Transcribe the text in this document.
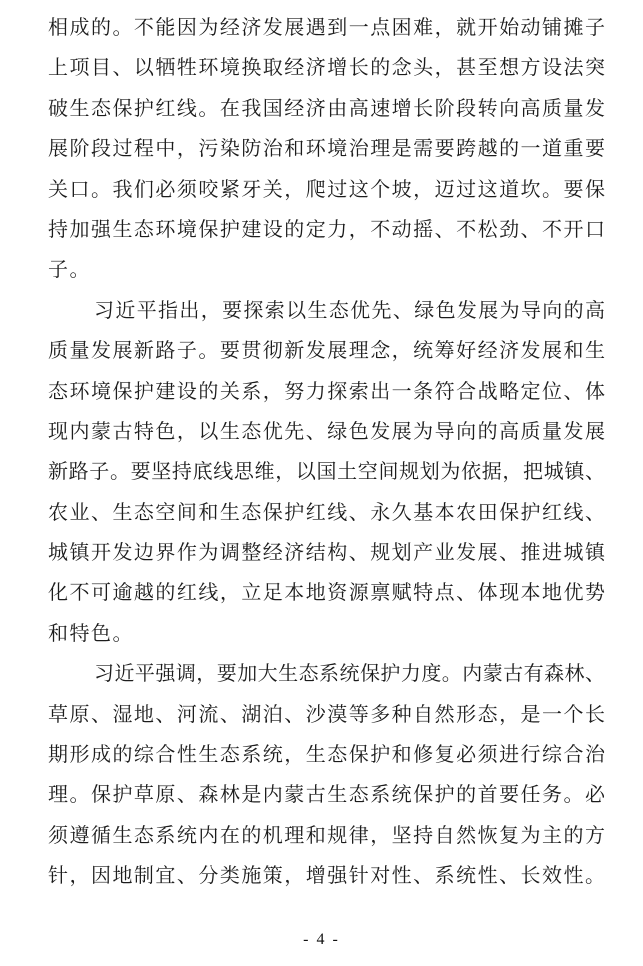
相成的。不能因为经济发展遇到一点困难，就开始动铺摊子
上项目、以牺牲环境换取经济增长的念头，甚至想方设法突
破生态保护红线。在我国经济由高速增长阶段转向高质量发
展阶段过程中，污染防治和环境治理是需要跨越的一道重要
关口。我们必须咬紧牙关，爬过这个坡，迈过这道坎。要保
持加强生态环境保护建设的定力，不动摇、不松劲、不开口
子。
习近平指出，要探索以生态优先、绿色发展为导向的高
质量发展新路子。要贯彻新发展理念，统筹好经济发展和生
态环境保护建设的关系，努力探索出一条符合战略定位、体
现内蒙古特色，以生态优先、绿色发展为导向的高质量发展
新路子。要坚持底线思维，以国土空间规划为依据，把城镇、
农业、生态空间和生态保护红线、永久基本农田保护红线、
城镇开发边界作为调整经济结构、规划产业发展、推进城镇
化不可逾越的红线，立足本地资源禀赋特点、体现本地优势
和特色。
习近平强调，要加大生态系统保护力度。内蒙古有森林、
草原、湿地、河流、湖泊、沙漠等多种自然形态，是一个长
期形成的综合性生态系统，生态保护和修复必须进行综合治
理。保护草原、森林是内蒙古生态系统保护的首要任务。必
须遵循生态系统内在的机理和规律，坚持自然恢复为主的方
针，因地制宜、分类施策，增强针对性、系统性、长效性。
- 4 -
